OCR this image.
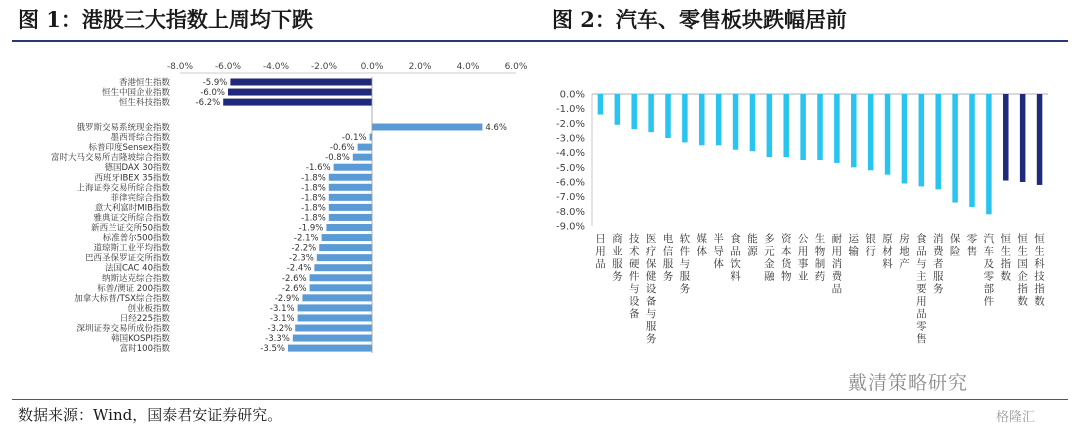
图 1：港股三大指数上周均下跌	图 2：汽车、零售板块跌幅居前
-8.0% -6.0% -4.0% -2.0%	0.0%	2.0%	4.0%	6.0%
香港恒生指数	-5.9%
恒生中国企业指数	-6.0%
恒生科技指数	-6.2%
俄罗斯交易系统现金指数	4.6%
墨西哥综合指数	-0.1%
标普印度Sensex指数	-0.6%
富时大马交易所吉隆坡综合指数	-0.8%
德国DAX 30指数	-1.6%
西班牙IBEX 35指数	-1.8%
上海证券交易所综合指数	-1.8%
菲律宾综合指数	-1.8%
意大利富时MIB指数	-1.8%
雅典证交所综合指数	-1.8%
新西兰证交所50指数	-1.9%
标准普尔500指数	-2.1%
道琼斯工业平均指数	-2.2%
巴西圣保罗证交所指数	-2.3%
法国CAC 40指数	-2.4%
纳斯达克综合指数	-2.6%
标普/澳证 200指数	-2.6%
加拿大标普/TSX综合指数	-2.9%
创业板指数	-3.1%
日经225指数	-3.1%
深圳证券交易所成份指数	-3.2%
韩国KOSPI指数	-3.3%
富时100指数	-3.5%
0.0%
-1.0%
-2.0%
-3.0%
-4.0%
-5.0%
-6.0%
-7.0%
-8.0%
-9.0%
日用品
商业服务
技术硬件与设备
医疗保健设备与服务
电信服务
软件与服务
媒体
半导体
食品饮料
能源
多元金融
资本货物
公用事业
生物制药
耐用消费品
运输
银行
原材料
房地产
食品与主要用品零售
消费者服务
保险
零售
汽车及零部件
恒生指数
恒生国企指数
恒生科技指数
戴清策略研究
数据来源：Wind，国泰君安证券研究。	格隆汇
